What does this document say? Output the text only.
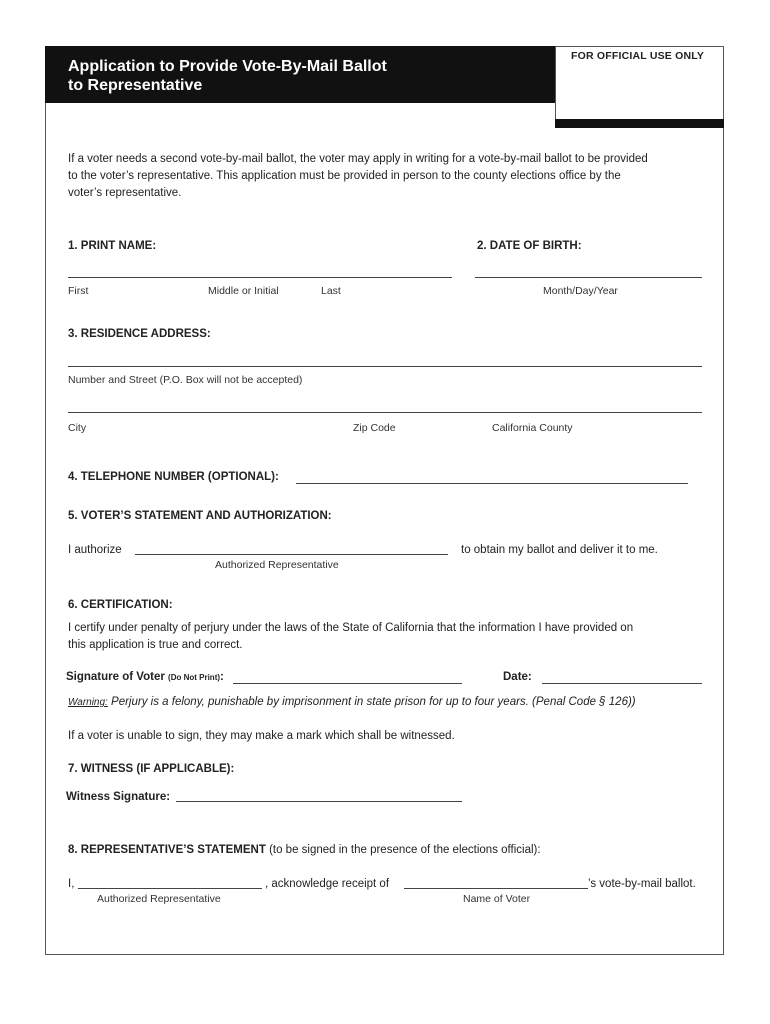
Application to Provide Vote-By-Mail Ballot
to Representative
FOR OFFICIAL USE ONLY
If a voter needs a second vote-by-mail ballot, the voter may apply in writing for a vote-by-mail ballot to be provided
to the voter’s representative. This application must be provided in person to the county elections office by the
voter’s representative.
1. PRINT NAME:	2. DATE OF BIRTH:
First	Middle or Initial	Last	Month/Day/Year
3. RESIDENCE ADDRESS:
Number and Street (P.O. Box will not be accepted)
City	Zip Code	California County
4. TELEPHONE NUMBER (OPTIONAL):
5. VOTER’S STATEMENT AND AUTHORIZATION:
I authorize	to obtain my ballot and deliver it to me.
Authorized Representative
6. CERTIFICATION:
I certify under penalty of perjury under the laws of the State of California that the information I have provided on
this application is true and correct.
Signature of Voter (Do Not Print):	Date:
Warning: Perjury is a felony, punishable by imprisonment in state prison for up to four years. (Penal Code § 126))
If a voter is unable to sign, they may make a mark which shall be witnessed.
7. WITNESS (IF APPLICABLE):
Witness Signature:
8. REPRESENTATIVE’S STATEMENT (to be signed in the presence of the elections official):
I,	, acknowledge receipt of	’s vote-by-mail ballot.
Authorized Representative	Name of Voter
